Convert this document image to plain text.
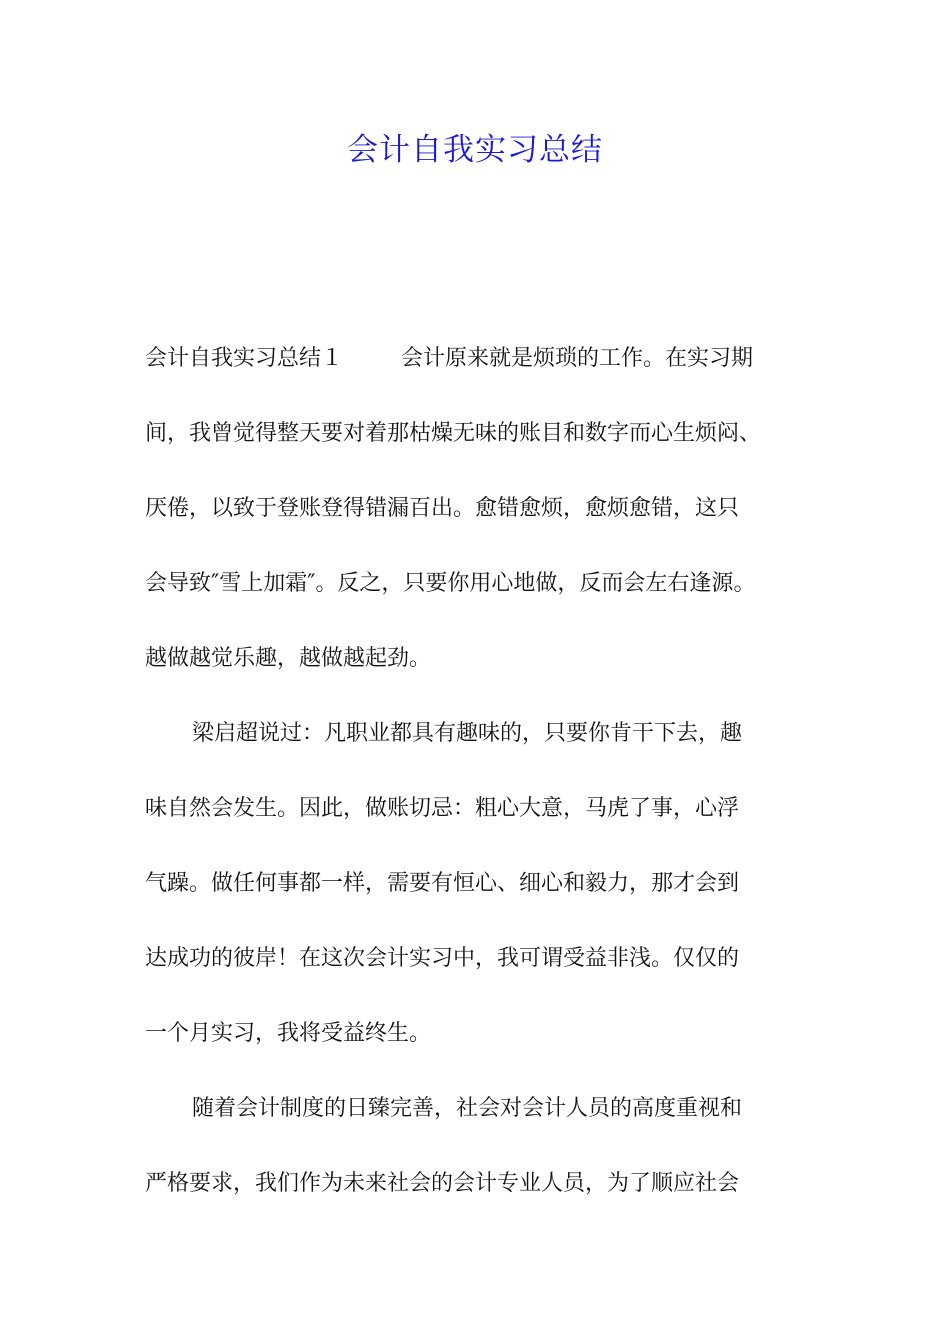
会计自我实习总结

会计自我实习总结１	会计原来就是烦琐的工作。在实习期

间，我曾觉得整天要对着那枯燥无味的账目和数字而心生烦闷、

厌倦，以致于登账登得错漏百出。愈错愈烦，愈烦愈错，这只

会导致″雪上加霜″。反之，只要你用心地做，反而会左右逢源。

越做越觉乐趣，越做越起劲。

梁启超说过：凡职业都具有趣味的，只要你肯干下去，趣

味自然会发生。因此，做账切忌：粗心大意，马虎了事，心浮

气躁。做任何事都一样，需要有恒心、细心和毅力，那才会到

达成功的彼岸！在这次会计实习中，我可谓受益非浅。仅仅的

一个月实习，我将受益终生。

随着会计制度的日臻完善，社会对会计人员的高度重视和

严格要求，我们作为未来社会的会计专业人员，为了顺应社会
